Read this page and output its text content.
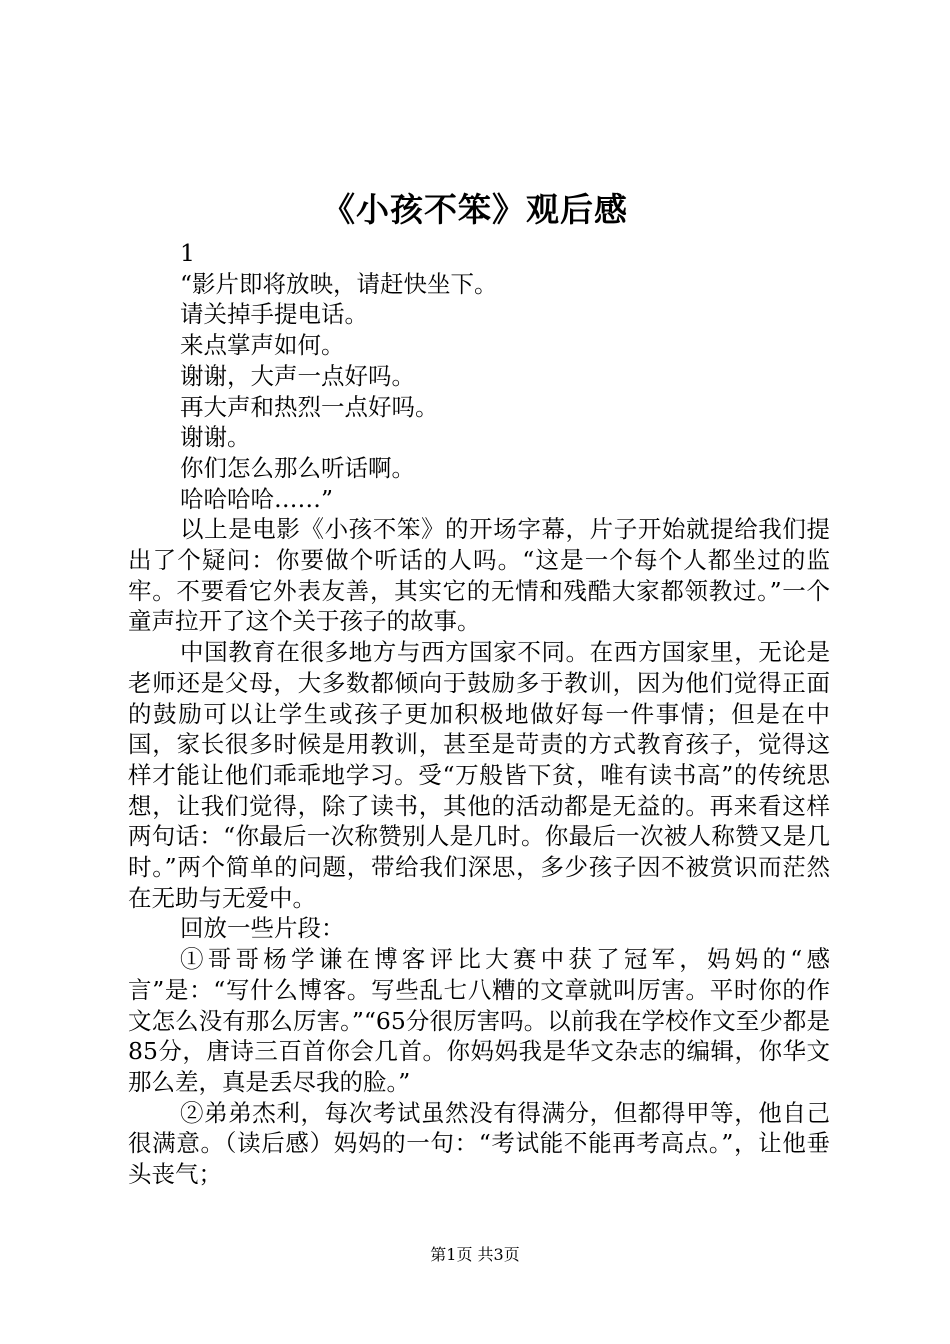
《小孩不笨》观后感
1
“影片即将放映，请赶快坐下。
请关掉手提电话。
来点掌声如何。
谢谢，大声一点好吗。
再大声和热烈一点好吗。
谢谢。
你们怎么那么听话啊。
哈哈哈哈……”

以上是电影《小孩不笨》的开场字幕，片子开始就提给我们提出了个疑问：你要做个听话的人吗。“这是一个每个人都坐过的监牢。不要看它外表友善，其实它的无情和残酷大家都领教过。”一个童声拉开了这个关于孩子的故事。

中国教育在很多地方与西方国家不同。在西方国家里，无论是老师还是父母，大多数都倾向于鼓励多于教训，因为他们觉得正面的鼓励可以让学生或孩子更加积极地做好每一件事情；但是在中国，家长很多时候是用教训，甚至是苛责的方式教育孩子，觉得这样才能让他们乖乖地学习。受“万般皆下贫，唯有读书高”的传统思想，让我们觉得，除了读书，其他的活动都是无益的。再来看这样两句话：“你最后一次称赞别人是几时。你最后一次被人称赞又是几时。”两个简单的问题，带给我们深思，多少孩子因不被赏识而茫然在无助与无爱中。

回放一些片段：

①哥哥杨学谦在博客评比大赛中获了冠军，妈妈的“感言”是：“写什么博客。写些乱七八糟的文章就叫厉害。平时你的作文怎么没有那么厉害。”“65分很厉害吗。以前我在学校作文至少都是85分，唐诗三百首你会几首。你妈妈我是华文杂志的编辑，你华文那么差，真是丢尽我的脸。”

②弟弟杰利，每次考试虽然没有得满分，但都得甲等，他自己很满意。（读后感）妈妈的一句：“考试能不能再考高点。”，让他垂头丧气；

第1页 共3页
